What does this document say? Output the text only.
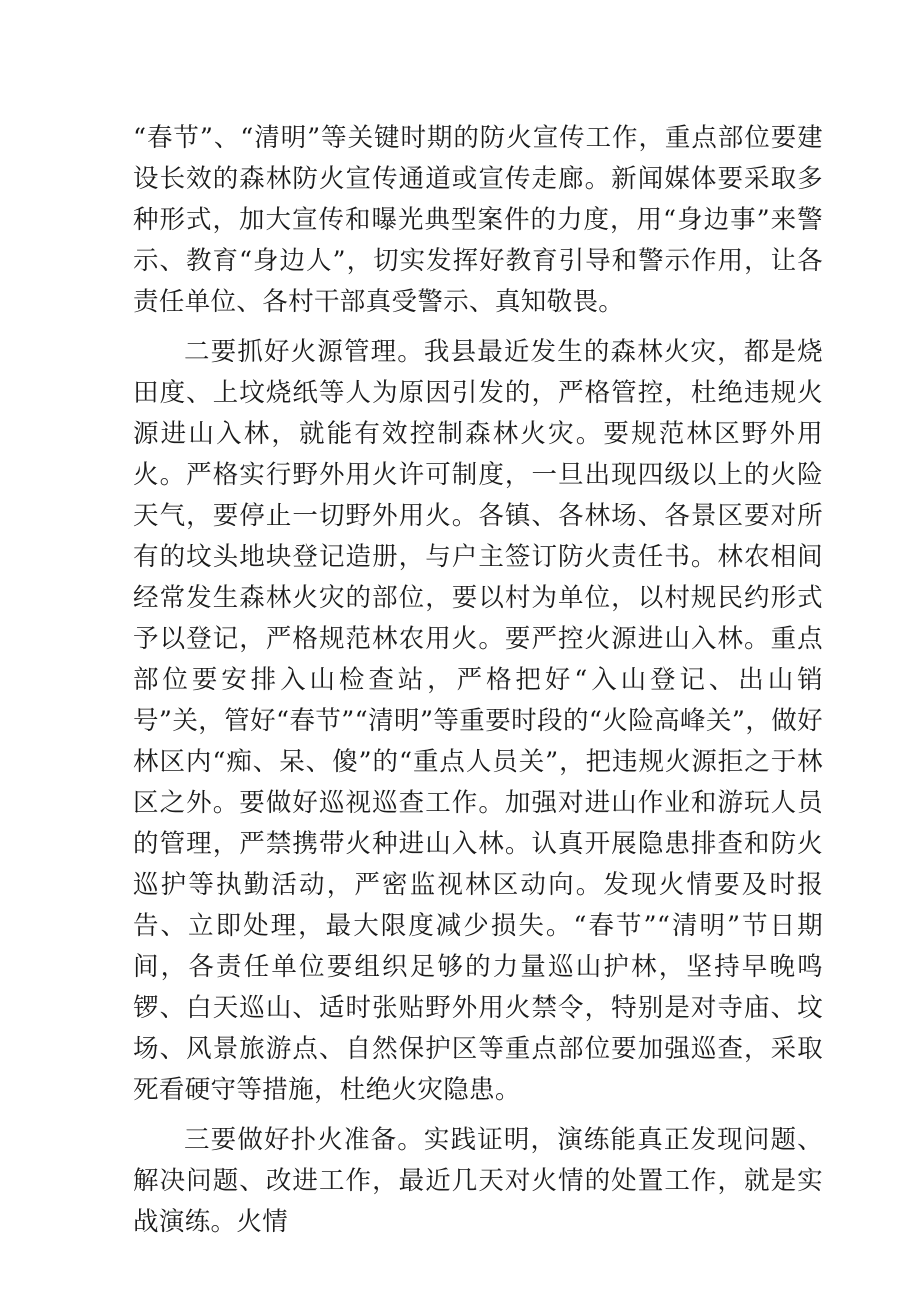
“春节”、“清明”等关键时期的防火宣传工作，重点部位要建设长效的森林防火宣传通道或宣传走廊。新闻媒体要采取多种形式，加大宣传和曝光典型案件的力度，用“身边事”来警示、教育“身边人”，切实发挥好教育引导和警示作用，让各责任单位、各村干部真受警示、真知敬畏。

二要抓好火源管理。我县最近发生的森林火灾，都是烧田度、上坟烧纸等人为原因引发的，严格管控，杜绝违规火源进山入林，就能有效控制森林火灾。要规范林区野外用火。严格实行野外用火许可制度，一旦出现四级以上的火险天气，要停止一切野外用火。各镇、各林场、各景区要对所有的坟头地块登记造册，与户主签订防火责任书。林农相间经常发生森林火灾的部位，要以村为单位，以村规民约形式予以登记，严格规范林农用火。要严控火源进山入林。重点部位要安排入山检查站，严格把好“入山登记、出山销号”关，管好“春节”“清明”等重要时段的“火险高峰关”，做好林区内“痴、呆、傻”的“重点人员关”，把违规火源拒之于林区之外。要做好巡视巡查工作。加强对进山作业和游玩人员的管理，严禁携带火种进山入林。认真开展隐患排查和防火巡护等执勤活动，严密监视林区动向。发现火情要及时报告、立即处理，最大限度减少损失。“春节”“清明”节日期间，各责任单位要组织足够的力量巡山护林，坚持早晚鸣锣、白天巡山、适时张贴野外用火禁令，特别是对寺庙、坟场、风景旅游点、自然保护区等重点部位要加强巡查，采取死看硬守等措施，杜绝火灾隐患。

三要做好扑火准备。实践证明，演练能真正发现问题、解决问题、改进工作，最近几天对火情的处置工作，就是实战演练。火情
